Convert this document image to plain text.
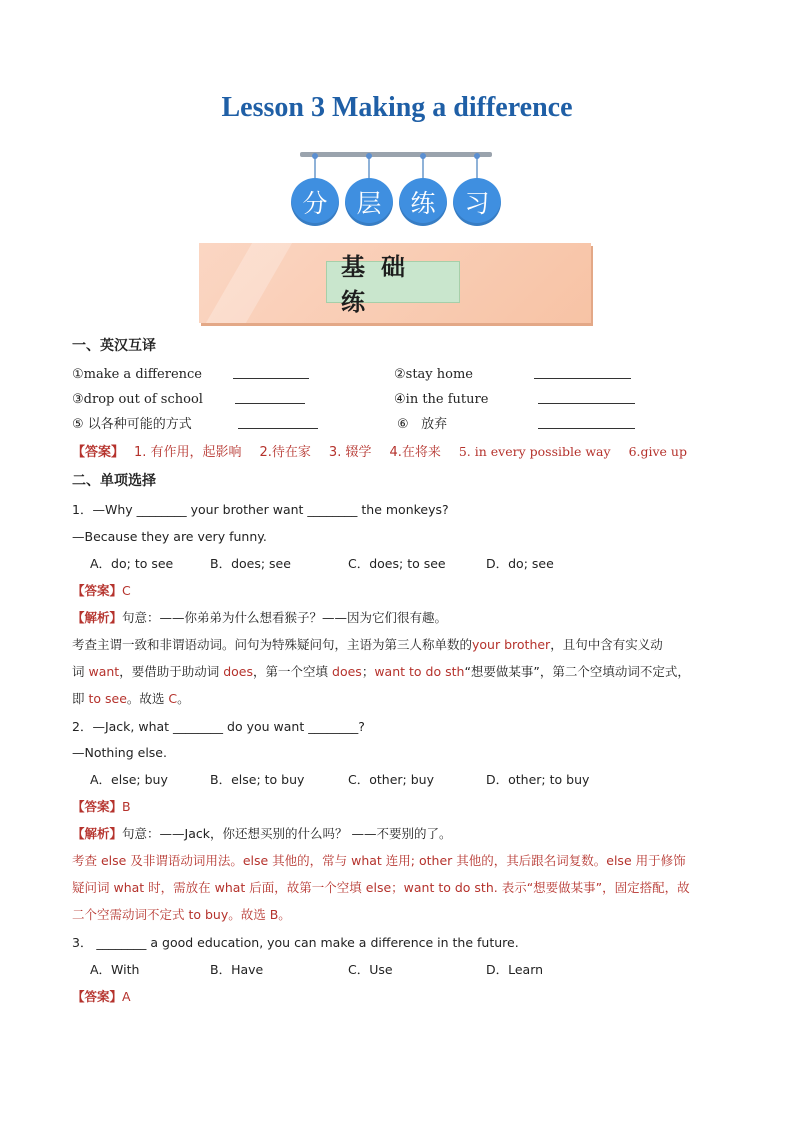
Lesson 3 Making a difference
分	层	练	习
基础练
一、英汉互译
①make a difference	②stay home
③drop out of school	④in the future
⑤ 以各种可能的方式	⑥ 放弃
【答案】 1. 有作用，起影响 2.待在家 3. 辍学 4.在将来 5. in every possible way 6.give up
二、单项选择
1．—Why ________ your brother want ________ the monkeys?
—Because they are very funny.
A．do; to see	B．does; see	C．does; to see	D．do; see
【答案】C
【解析】句意：——你弟弟为什么想看猴子？——因为它们很有趣。
考查主谓一致和非谓语动词。问句为特殊疑问句，主语为第三人称单数的your brother，且句中含有实义动
词 want，要借助于助动词 does，第一个空填 does；want to do sth“想要做某事”，第二个空填动词不定式，
即 to see。故选 C。
2．—Jack, what ________ do you want ________?
—Nothing else.
A．else; buy	B．else; to buy	C．other; buy	D．other; to buy
【答案】B
【解析】句意：——Jack，你还想买别的什么吗？ ——不要别的了。
考查 else 及非谓语动词用法。else 其他的，常与 what 连用; other 其他的，其后跟名词复数。else 用于修饰
疑问词 what 时，需放在 what 后面，故第一个空填 else；want to do sth. 表示“想要做某事”，固定搭配，故
二个空需动词不定式 to buy。故选 B。
3． ________ a good education, you can make a difference in the future.
A．With	B．Have	C．Use	D．Learn
【答案】A
